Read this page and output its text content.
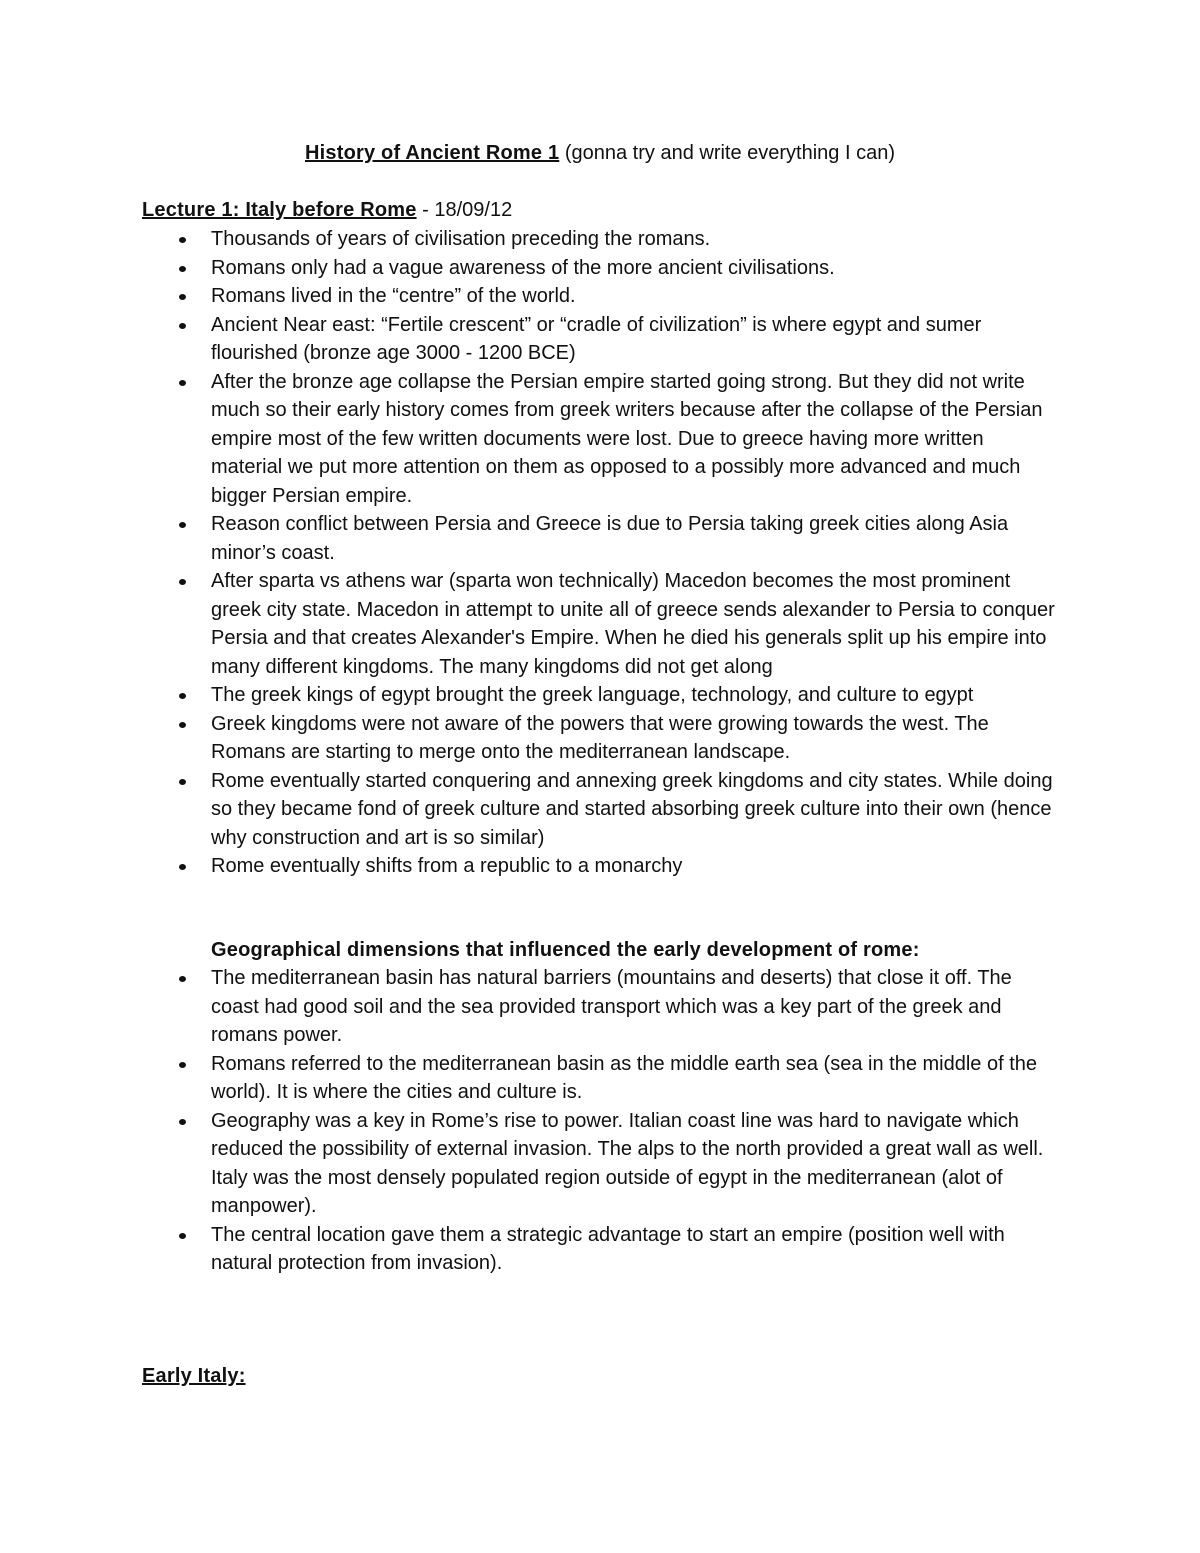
History of Ancient Rome 1 (gonna try and write everything I can)
Lecture 1: Italy before Rome - 18/09/12
Thousands of years of civilisation preceding the romans.
Romans only had a vague awareness of the more ancient civilisations.
Romans lived in the “centre” of the world.
Ancient Near east: “Fertile crescent” or “cradle of civilization” is where egypt and sumer flourished (bronze age 3000 - 1200 BCE)
After the bronze age collapse the Persian empire started going strong. But they did not write much so their early history comes from greek writers because after the collapse of the Persian empire most of the few written documents were lost. Due to greece having more written material we put more attention on them as opposed to a possibly more advanced and much bigger Persian empire.
Reason conflict between Persia and Greece is due to Persia taking greek cities along Asia minor’s coast.
After sparta vs athens war (sparta won technically) Macedon becomes the most prominent greek city state. Macedon in attempt to unite all of greece sends alexander to Persia to conquer Persia and that creates Alexander's Empire. When he died his generals split up his empire into many different kingdoms. The many kingdoms did not get along
The greek kings of egypt brought the greek language, technology, and culture to egypt
Greek kingdoms were not aware of the powers that were growing towards the west. The Romans are starting to merge onto the mediterranean landscape.
Rome eventually started conquering and annexing greek kingdoms and city states. While doing so they became fond of greek culture and started absorbing greek culture into their own (hence why construction and art is so similar)
Rome eventually shifts from a republic to a monarchy
Geographical dimensions that influenced the early development of rome:
The mediterranean basin has natural barriers (mountains and deserts) that close it off. The coast had good soil and the sea provided transport which was a key part of the greek and romans power.
Romans referred to the mediterranean basin as the middle earth sea (sea in the middle of the world). It is where the cities and culture is.
Geography was a key in Rome’s rise to power. Italian coast line was hard to navigate which reduced the possibility of external invasion. The alps to the north provided a great wall as well. Italy was the most densely populated region outside of egypt in the mediterranean (alot of manpower).
The central location gave them a strategic advantage to start an empire (position well with natural protection from invasion).
Early Italy:
